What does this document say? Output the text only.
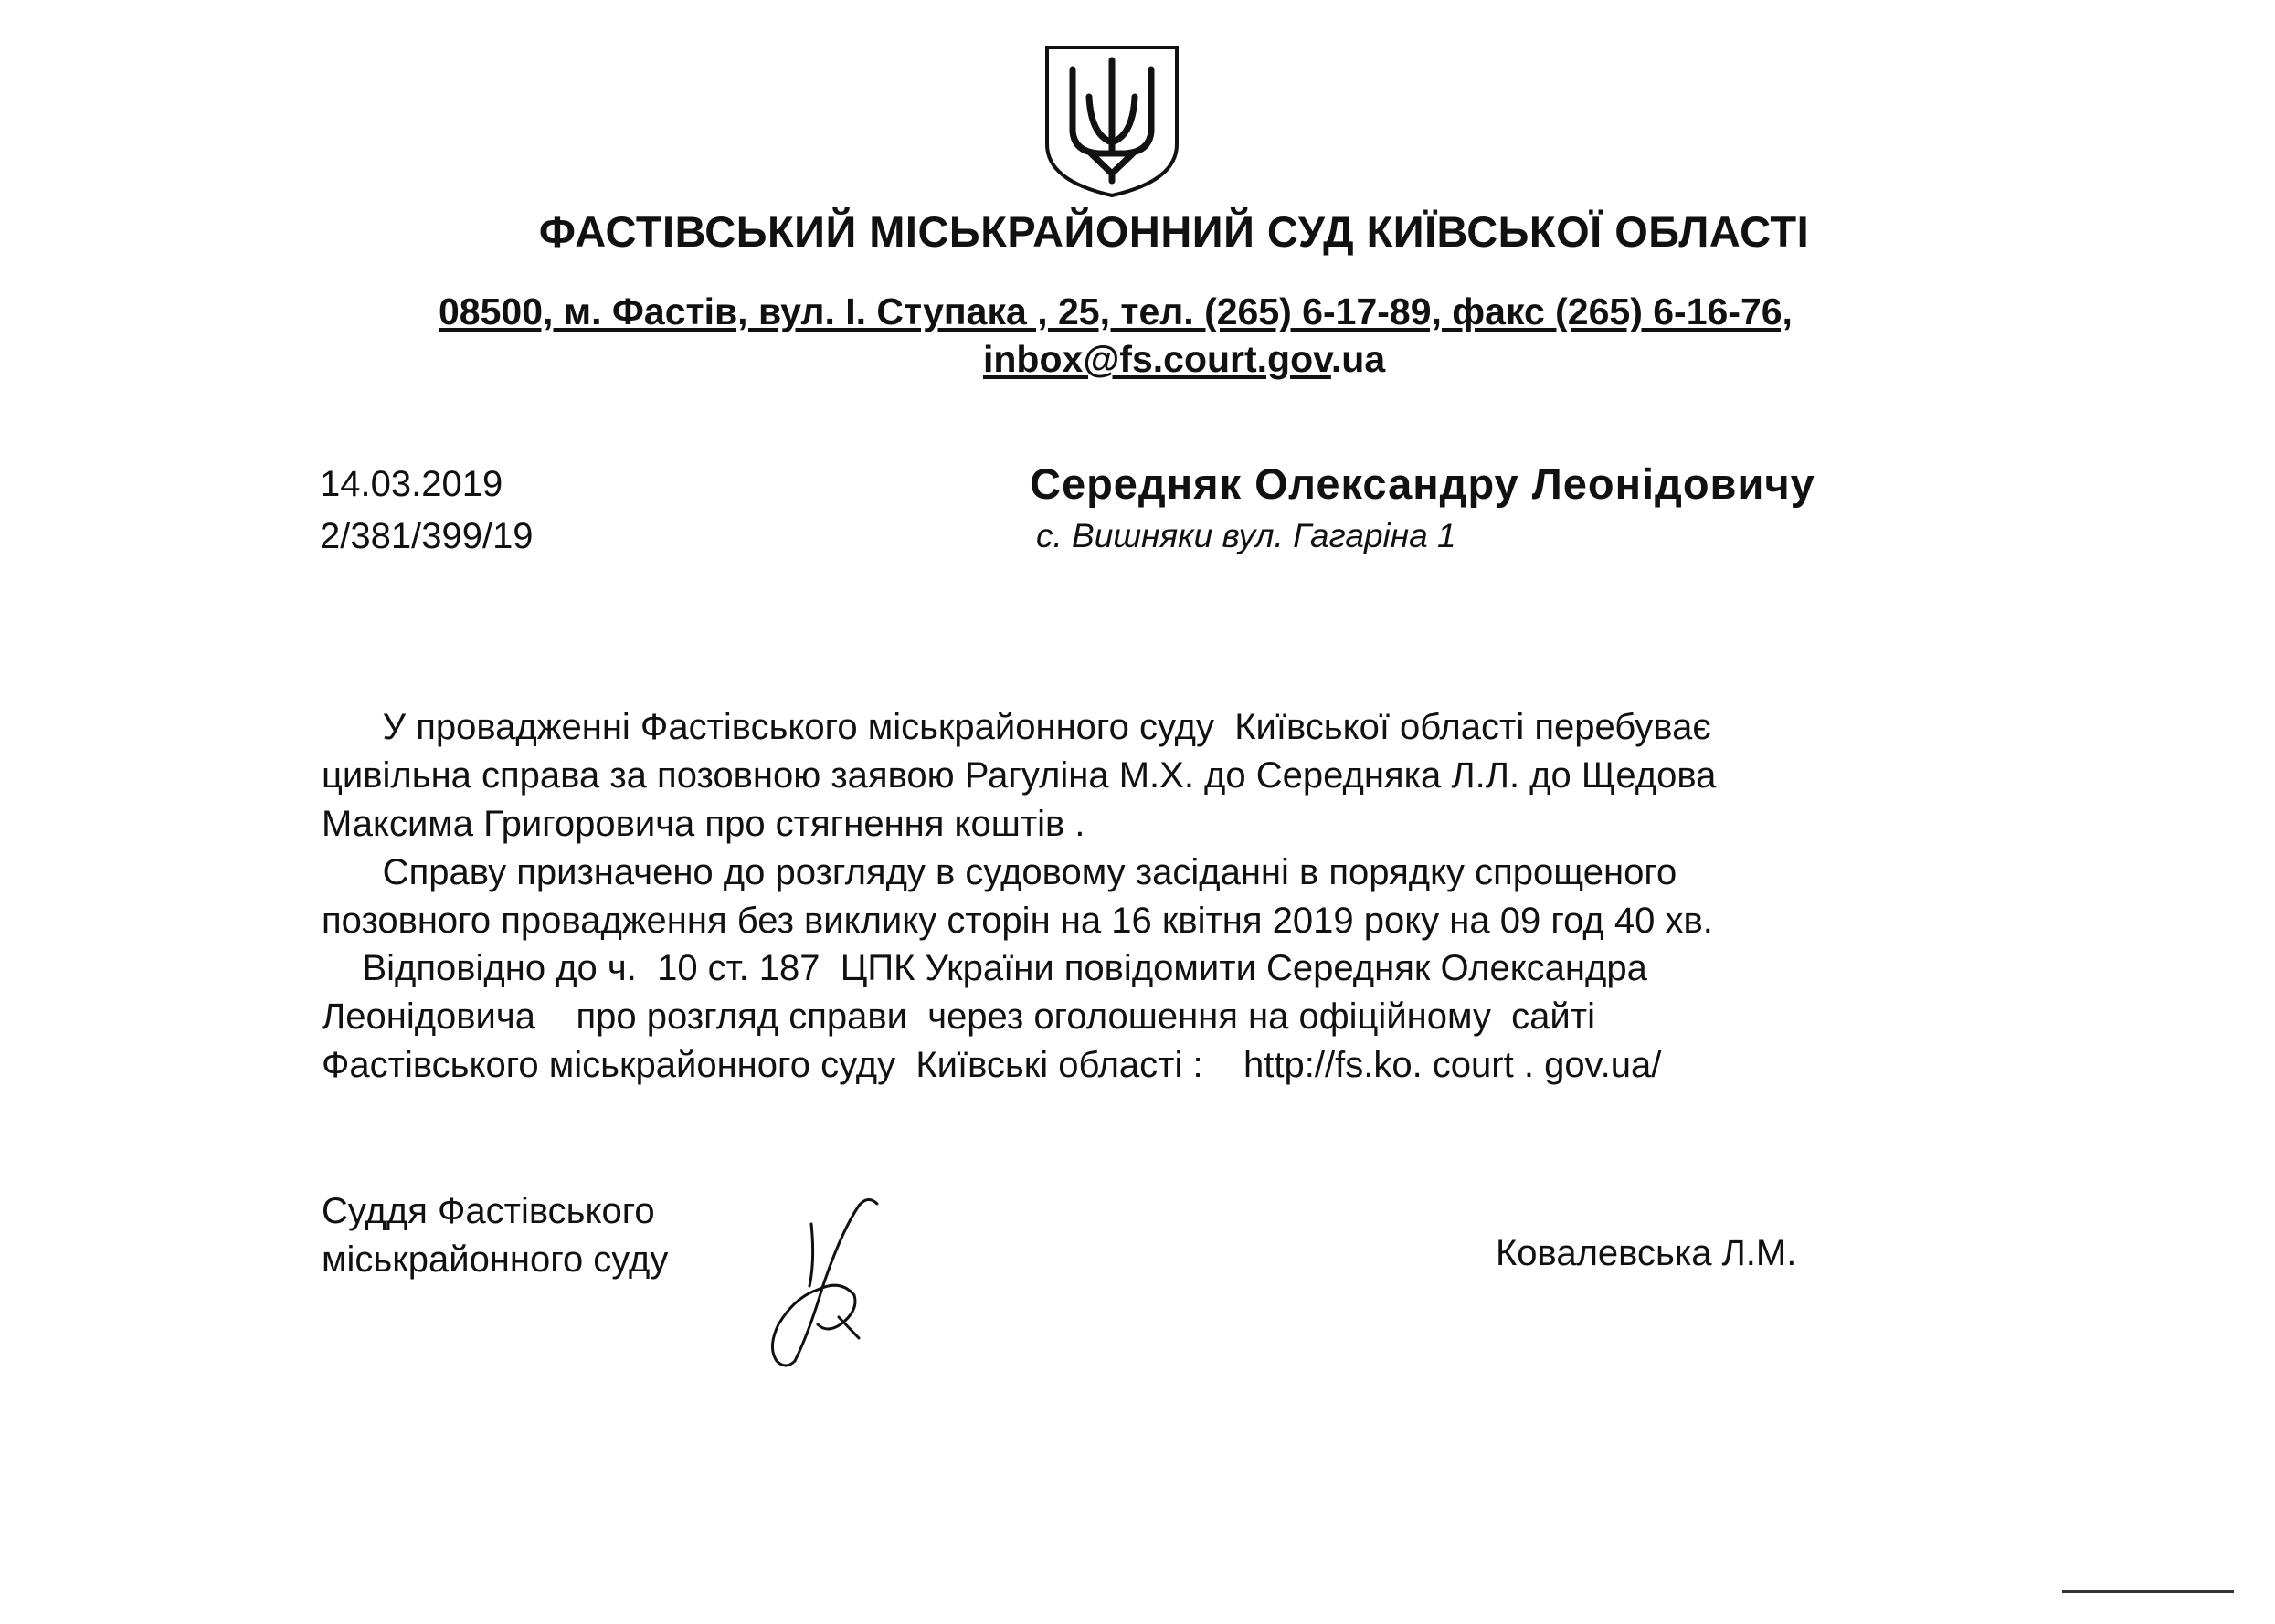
ФАСТІВСЬКИЙ МІСЬКРАЙОННИЙ СУД КИЇВСЬКОЇ ОБЛАСТІ
08500, м. Фастів, вул. І. Ступака , 25, тел. (265) 6-17-89, факс (265) 6-16-76,
inbox@fs.court.gov.ua
14.03.2019
2/381/399/19
Середняк Олександру Леонідовичу
с. Вишняки вул. Гагаріна 1
У провадженні Фастівського міськрайонного суду  Київської області перебуває
цивільна справа за позовною заявою Рагуліна М.Х. до Середняка Л.Л. до Щедова
Максима Григоровича про стягнення коштів .
Справу призначено до розгляду в судовому засіданні в порядку спрощеного
позовного провадження без виклику сторін на 16 квітня 2019 року на 09 год 40 хв.
Відповідно до ч.  10 ст. 187  ЦПК України повідомити Середняк Олександра
Леонідовича    про розгляд справи  через оголошення на офіційному  сайті
Фастівського міськрайонного суду  Київські області :    http://fs.ko. court . gov.ua/
Суддя Фастівського
міськрайонного суду	Ковалевська Л.М.
